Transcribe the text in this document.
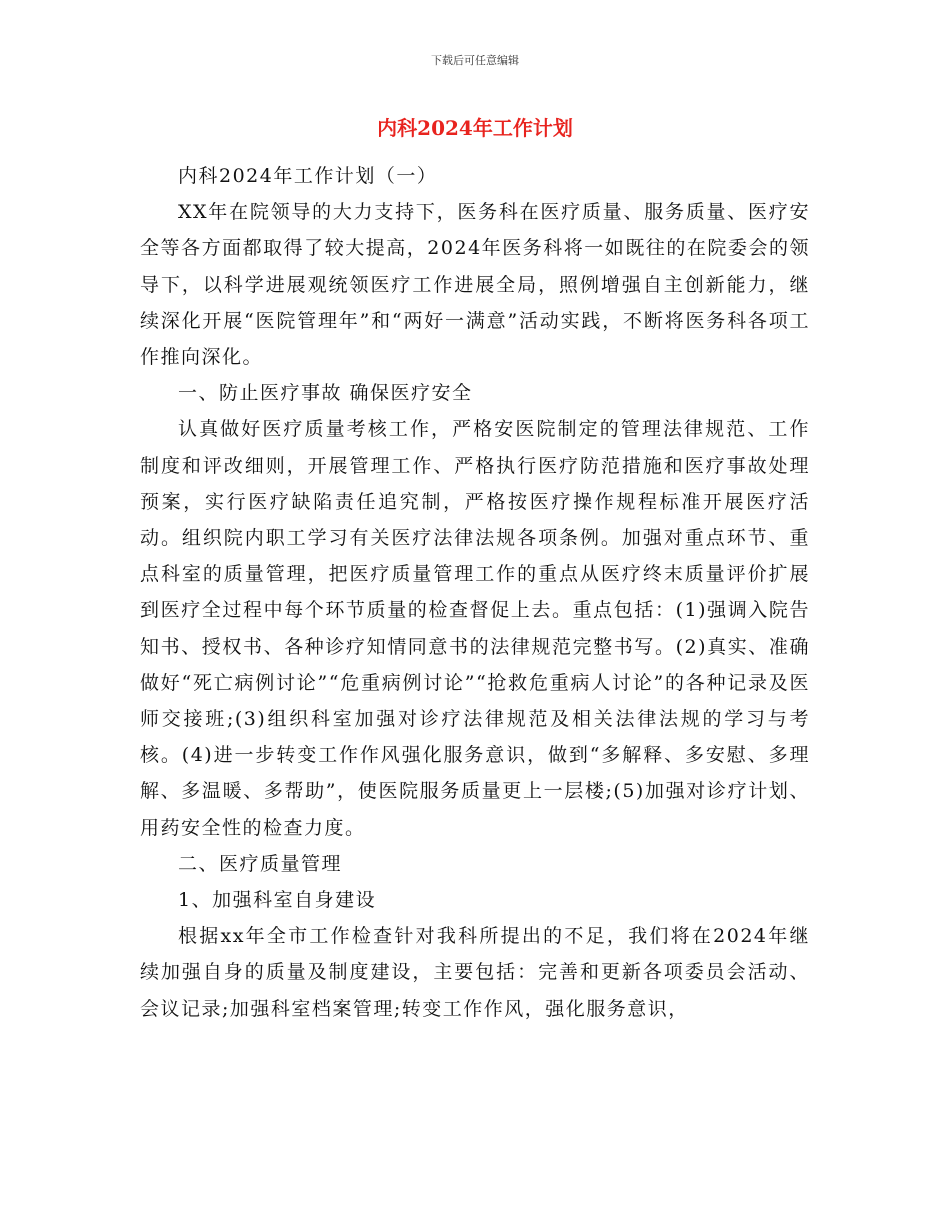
下载后可任意编辑
内科2024年工作计划

内科2024年工作计划（一）

XX年在院领导的大力支持下，医务科在医疗质量、服务质量、医疗安全等各方面都取得了较大提高，2024年医务科将一如既往的在院委会的领导下，以科学进展观统领医疗工作进展全局，照例增强自主创新能力，继续深化开展“医院管理年”和“两好一满意”活动实践，不断将医务科各项工作推向深化。

一、防止医疗事故 确保医疗安全

认真做好医疗质量考核工作，严格安医院制定的管理法律规范、工作制度和评改细则，开展管理工作、严格执行医疗防范措施和医疗事故处理预案，实行医疗缺陷责任追究制，严格按医疗操作规程标准开展医疗活动。组织院内职工学习有关医疗法律法规各项条例。加强对重点环节、重点科室的质量管理，把医疗质量管理工作的重点从医疗终末质量评价扩展到医疗全过程中每个环节质量的检查督促上去。重点包括：(1)强调入院告知书、授权书、各种诊疗知情同意书的法律规范完整书写。(2)真实、准确做好“死亡病例讨论”“危重病例讨论”“抢救危重病人讨论”的各种记录及医师交接班;(3)组织科室加强对诊疗法律规范及相关法律法规的学习与考核。(4)进一步转变工作作风强化服务意识，做到“多解释、多安慰、多理解、多温暖、多帮助”，使医院服务质量更上一层楼;(5)加强对诊疗计划、用药安全性的检查力度。

二、医疗质量管理

1、加强科室自身建设

根据xx年全市工作检查针对我科所提出的不足，我们将在2024年继续加强自身的质量及制度建设，主要包括：完善和更新各项委员会活动、会议记录;加强科室档案管理;转变工作作风，强化服务意识，
